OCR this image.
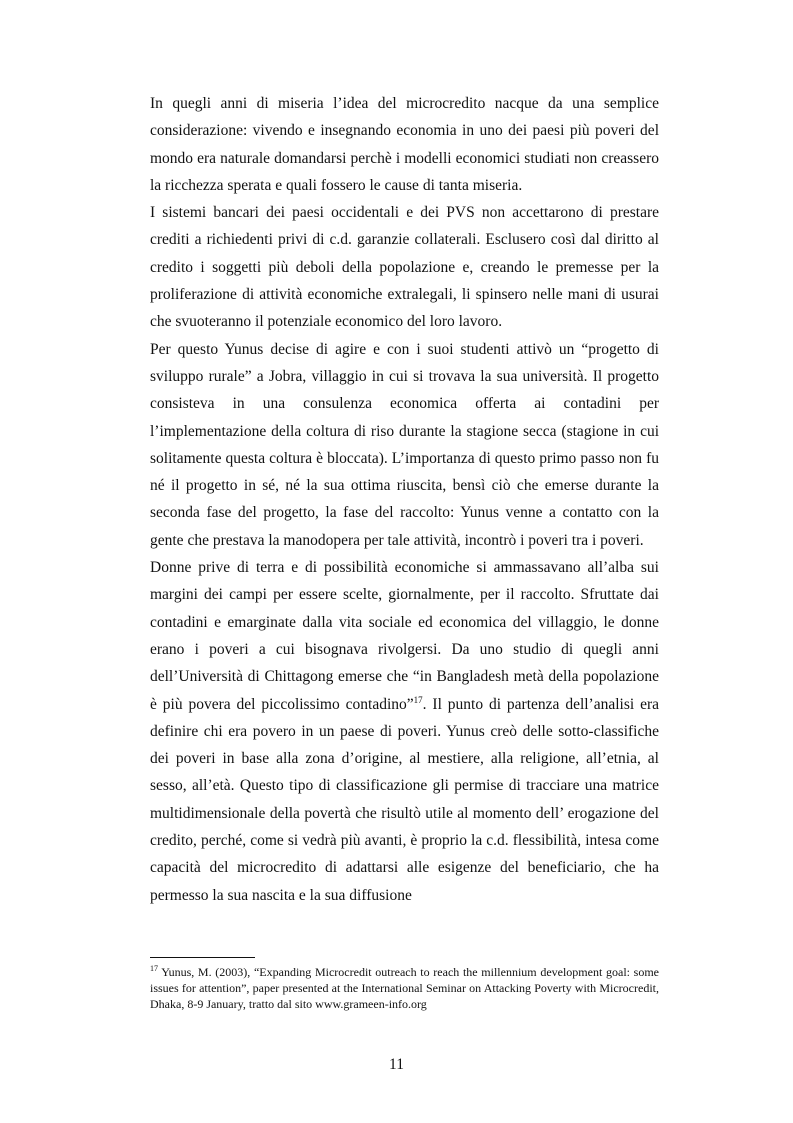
In quegli anni di miseria l’idea del microcredito nacque da una semplice considerazione: vivendo e insegnando economia in uno dei paesi più poveri del mondo era naturale domandarsi perchè i modelli economici studiati non creassero la ricchezza sperata e quali fossero le cause di tanta miseria.

I sistemi bancari dei paesi occidentali e dei PVS non accettarono di prestare crediti a richiedenti privi di c.d. garanzie collaterali. Esclusero così dal diritto al credito i soggetti più deboli della popolazione e, creando le premesse per la proliferazione di attività economiche extralegali, li spinsero nelle mani di usurai che svuoteranno il potenziale economico del loro lavoro.

Per questo Yunus decise di agire e con i suoi studenti attivò un “progetto di sviluppo rurale” a Jobra, villaggio in cui si trovava la sua università. Il progetto consisteva in una consulenza economica offerta ai contadini per l’implementazione della coltura di riso durante la stagione secca (stagione in cui solitamente questa coltura è bloccata). L’importanza di questo primo passo non fu né il progetto in sé, né la sua ottima riuscita, bensì ciò che emerse durante la seconda fase del progetto, la fase del raccolto: Yunus venne a contatto con la gente che prestava la manodopera per tale attività, incontrò i poveri tra i poveri.

Donne prive di terra e di possibilità economiche si ammassavano all’alba sui margini dei campi per essere scelte, giornalmente, per il raccolto. Sfruttate dai contadini e emarginate dalla vita sociale ed economica del villaggio, le donne erano i poveri a cui bisognava rivolgersi. Da uno studio di quegli anni dell’Università di Chittagong emerse che “in Bangladesh metà della popolazione è più povera del piccolissimo contadino”$^{17}$. Il punto di partenza dell’analisi era definire chi era povero in un paese di poveri. Yunus creò delle sotto-classifiche dei poveri in base alla zona d’origine, al mestiere, alla religione, all’etnia, al sesso, all’età. Questo tipo di classificazione gli permise di tracciare una matrice multidimensionale della povertà che risultò utile al momento dell’ erogazione del credito, perché, come si vedrà più avanti, è proprio la c.d. flessibilità, intesa come capacità del microcredito di adattarsi alle esigenze del beneficiario, che ha permesso la sua nascita e la sua diffusione

$^{17}$ Yunus, M. (2003), “Expanding Microcredit outreach to reach the millennium development goal: some issues for attention”, paper presented at the International Seminar on Attacking Poverty with Microcredit, Dhaka, 8-9 January, tratto dal sito www.grameen-info.org
11
